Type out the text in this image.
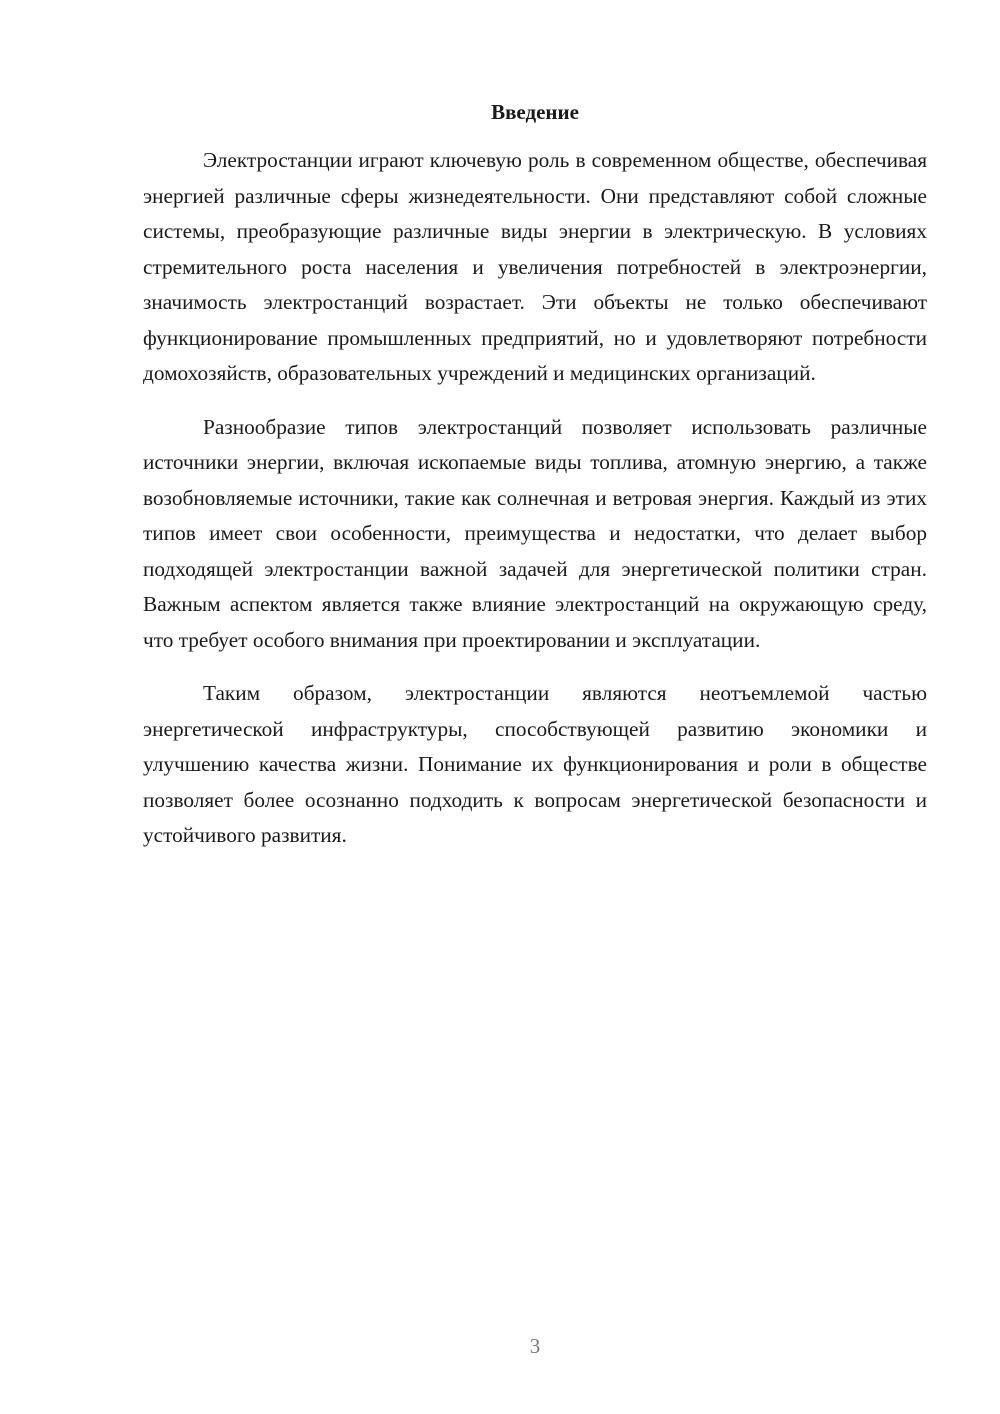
Введение

Электростанции играют ключевую роль в современном обществе, обеспечивая энергией различные сферы жизнедеятельности. Они представляют собой сложные системы, преобразующие различные виды энергии в электрическую. В условиях стремительного роста населения и увеличения потребностей в электроэнергии, значимость электростанций возрастает. Эти объекты не только обеспечивают функционирование промышленных предприятий, но и удовлетворяют потребности домохозяйств, образовательных учреждений и медицинских организаций.

Разнообразие типов электростанций позволяет использовать различные источники энергии, включая ископаемые виды топлива, атомную энергию, а также возобновляемые источники, такие как солнечная и ветровая энергия. Каждый из этих типов имеет свои особенности, преимущества и недостатки, что делает выбор подходящей электростанции важной задачей для энергетической политики стран. Важным аспектом является также влияние электростанций на окружающую среду, что требует особого внимания при проектировании и эксплуатации.

Таким образом, электростанции являются неотъемлемой частью энергетической инфраструктуры, способствующей развитию экономики и улучшению качества жизни. Понимание их функционирования и роли в обществе позволяет более осознанно подходить к вопросам энергетической безопасности и устойчивого развития.

3
